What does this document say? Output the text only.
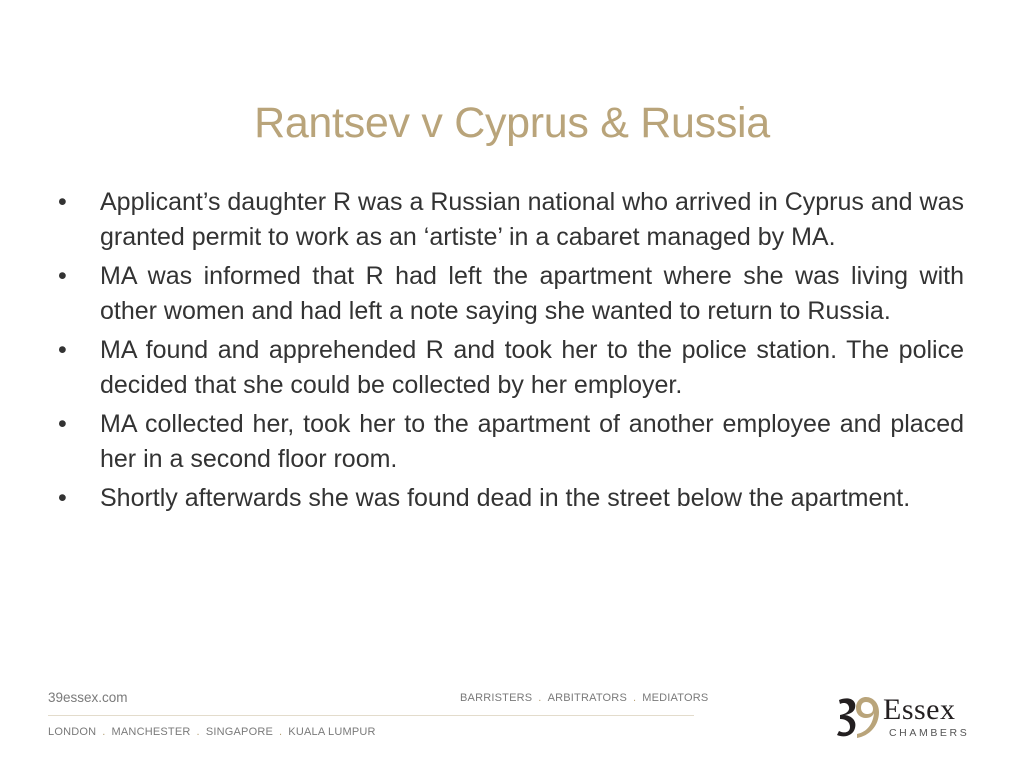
Rantsev v Cyprus & Russia
•	Applicant’s daughter R was a Russian national who arrived in Cyprus and was granted permit to work as an ‘artiste’ in a cabaret managed by MA.
•	MA was informed that R had left the apartment where she was living with other women and had left a note saying she wanted to return to Russia.
•	MA found and apprehended R and took her to the police station. The police decided that she could be collected by her employer.
•	MA collected her, took her to the apartment of another employee and placed her in a second floor room.
•	Shortly afterwards she was found dead in the street below the apartment.
39essex.com	BARRISTERS . ARBITRATORS . MEDIATORS
LONDON . MANCHESTER . SINGAPORE . KUALA LUMPUR
Essex
CHAMBERS
